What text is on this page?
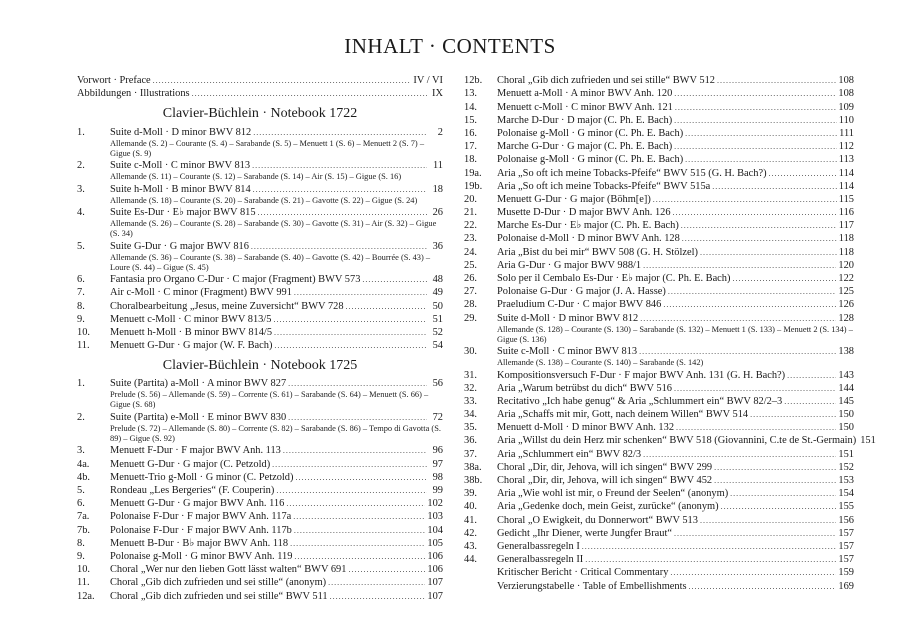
INHALT · CONTENTS
Vorwort · Preface . . .	IV / VI
Abbildungen · Illustrations . . .	IX
Clavier-Büchlein · Notebook 1722
1.	Suite d-Moll · D minor BWV 812 . . .	2
Allemande (S. 2) – Courante (S. 4) – Sarabande (S. 5) – Menuett 1 (S. 6) – Menuett 2 (S. 7) – Gigue (S. 9)
2.	Suite c-Moll · C minor BWV 813 . . .	11
Allemande (S. 11) – Courante (S. 12) – Sarabande (S. 14) – Air (S. 15) – Gigue (S. 16)
3.	Suite h-Moll · B minor BWV 814 . . .	18
Allemande (S. 18) – Courante (S. 20) – Sarabande (S. 21) – Gavotte (S. 22) – Gigue (S. 24)
4.	Suite Es-Dur · E♭ major BWV 815 . . .	26
Allemande (S. 26) – Courante (S. 28) – Sarabande (S. 30) – Gavotte (S. 31) – Air (S. 32) – Gigue (S. 34)
5.	Suite G-Dur · G major BWV 816 . . .	36
Allemande (S. 36) – Courante (S. 38) – Sarabande (S. 40) – Gavotte (S. 42) – Bourrée (S. 43) – Loure (S. 44) – Gigue (S. 45)
6.	Fantasia pro Organo C-Dur · C major (Fragment) BWV 573 . . .	48
7.	Air c-Moll · C minor (Fragment) BWV 991 . . .	49
8.	Choralbearbeitung „Jesus, meine Zuversicht“ BWV 728 . . .	50
9.	Menuett c-Moll · C minor BWV 813/5 . . .	51
10.	Menuett h-Moll · B minor BWV 814/5 . . .	52
11.	Menuett G-Dur · G major (W. F. Bach) . . .	54
Clavier-Büchlein · Notebook 1725
1.	Suite (Partita) a-Moll · A minor BWV 827 . . .	56
Prelude (S. 56) – Allemande (S. 59) – Corrente (S. 61) – Sarabande (S. 64) – Menuett (S. 66) – Gigue (S. 68)
2.	Suite (Partita) e-Moll · E minor BWV 830 . . .	72
Prelude (S. 72) – Allemande (S. 80) – Corrente (S. 82) – Sarabande (S. 86) – Tempo di Gavotta (S. 89) – Gigue (S. 92)
3.	Menuett F-Dur · F major BWV Anh. 113 . . .	96
4a.	Menuett G-Dur · G major (C. Petzold) . . .	97
4b.	Menuett-Trio g-Moll · G minor (C. Petzold) . . .	98
5.	Rondeau „Les Bergeries“ (F. Couperin) . . .	99
6.	Menuett G-Dur · G major BWV Anh. 116 . . .	102
7a.	Polonaise F-Dur · F major BWV Anh. 117a . . .	103
7b.	Polonaise F-Dur · F major BWV Anh. 117b . . .	104
8.	Menuett B-Dur · B♭ major BWV Anh. 118 . . .	105
9.	Polonaise g-Moll · G minor BWV Anh. 119 . . .	106
10.	Choral „Wer nur den lieben Gott lässt walten“ BWV 691 . . .	106
11.	Choral „Gib dich zufrieden und sei stille“ (anonym) . . .	107
12a.	Choral „Gib dich zufrieden und sei stille“ BWV 511 . . .	107
12b.	Choral „Gib dich zufrieden und sei stille“ BWV 512 . . .	108
13.	Menuett a-Moll · A minor BWV Anh. 120 . . .	108
14.	Menuett c-Moll · C minor BWV Anh. 121 . . .	109
15.	Marche D-Dur · D major (C. Ph. E. Bach) . . .	110
16.	Polonaise g-Moll · G minor (C. Ph. E. Bach) . . .	111
17.	Marche G-Dur · G major (C. Ph. E. Bach) . . .	112
18.	Polonaise g-Moll · G minor (C. Ph. E. Bach) . . .	113
19a.	Aria „So oft ich meine Tobacks-Pfeife“ BWV 515 (G. H. Bach?) . . .	114
19b.	Aria „So oft ich meine Tobacks-Pfeife“ BWV 515a . . .	114
20.	Menuett G-Dur · G major (Böhm[e]) . . .	115
21.	Musette D-Dur · D major BWV Anh. 126 . . .	116
22.	Marche Es-Dur · E♭ major (C. Ph. E. Bach) . . .	117
23.	Polonaise d-Moll · D minor BWV Anh. 128 . . .	118
24.	Aria „Bist du bei mir“ BWV 508 (G. H. Stölzel) . . .	118
25.	Aria G-Dur · G major BWV 988/1 . . .	120
26.	Solo per il Cembalo Es-Dur · E♭ major (C. Ph. E. Bach) . . .	122
27.	Polonaise G-Dur · G major (J. A. Hasse) . . .	125
28.	Praeludium C-Dur · C major BWV 846 . . .	126
29.	Suite d-Moll · D minor BWV 812 . . .	128
Allemande (S. 128) – Courante (S. 130) – Sarabande (S. 132) – Menuett 1 (S. 133) – Menuett 2 (S. 134) – Gigue (S. 136)
30.	Suite c-Moll · C minor BWV 813 . . .	138
Allemande (S. 138) – Courante (S. 140) – Sarabande (S. 142)
31.	Kompositionsversuch F-Dur · F major BWV Anh. 131 (G. H. Bach?) . . .	143
32.	Aria „Warum betrübst du dich“ BWV 516 . . .	144
33.	Recitativo „Ich habe genug“ & Aria „Schlummert ein“ BWV 82/2–3 . . .	145
34.	Aria „Schaffs mit mir, Gott, nach deinem Willen“ BWV 514 . . .	150
35.	Menuett d-Moll · D minor BWV Anh. 132 . . .	150
36.	Aria „Willst du dein Herz mir schenken“ BWV 518 (Giovannini, C.te de St.-Germain) 151
37.	Aria „Schlummert ein“ BWV 82/3 . . .	151
38a.	Choral „Dir, dir, Jehova, will ich singen“ BWV 299 . . .	152
38b.	Choral „Dir, dir, Jehova, will ich singen“ BWV 452 . . .	153
39.	Aria „Wie wohl ist mir, o Freund der Seelen“ (anonym) . . .	154
40.	Aria „Gedenke doch, mein Geist, zurücke“ (anonym) . . .	155
41.	Choral „O Ewigkeit, du Donnerwort“ BWV 513 . . .	156
42.	Gedicht „Ihr Diener, werte Jungfer Braut“ . . .	157
43.	Generalbassregeln I . . .	157
44.	Generalbassregeln II . . .	157
Kritischer Bericht · Critical Commentary . . .	159
Verzierungstabelle · Table of Embellishments . . .	169
